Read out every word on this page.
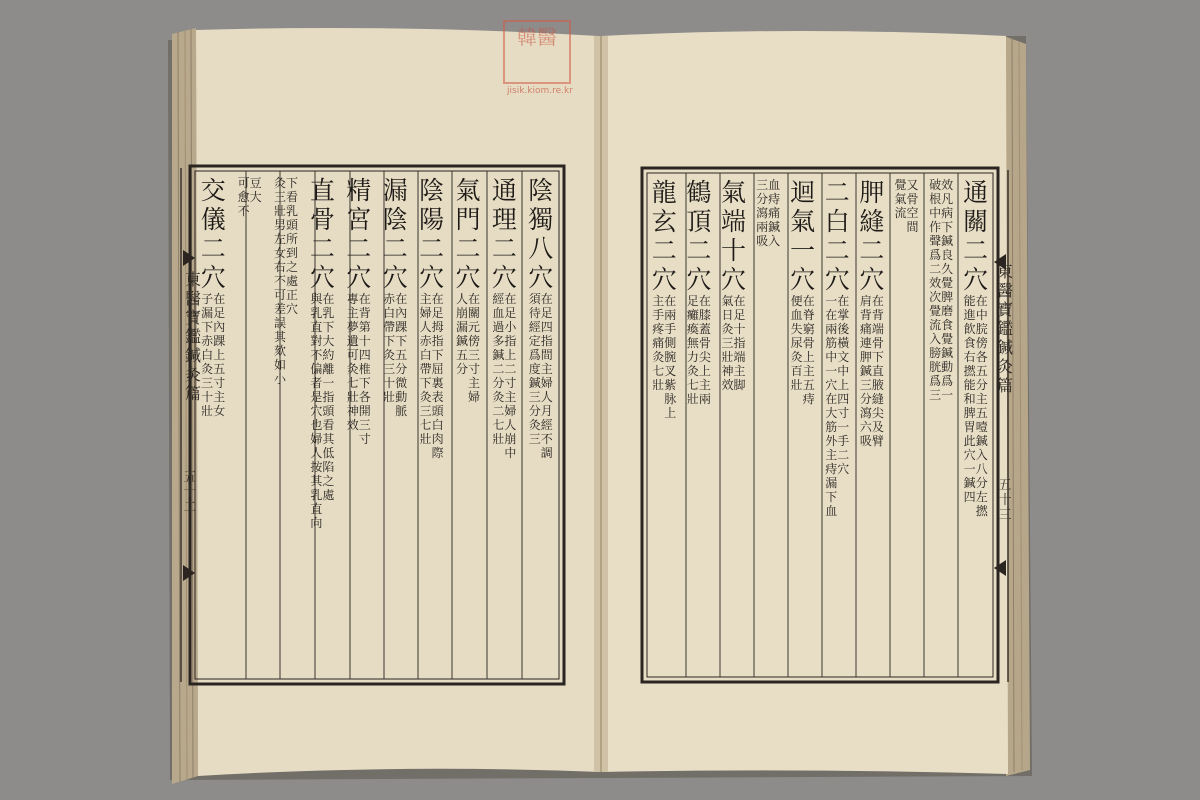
韓醫
jisik.kiom.re.kr
東
醫
寶
鑑
鍼
灸
篇
東
醫
寶
鑑
鍼
灸
篇
五
十
二
五
十
三
陰
獨
八
穴
在
足
四
指
間
主
婦
人
月
經
不
調
須
待
經
定
爲
度
鍼
三
分
灸
三
通
理
二
穴
在
足
小
指
上
二
寸
主
婦
人
崩
中
經
血
過
多
鍼
二
分
灸
二
七
壯
氣
門
二
穴
在
關
元
傍
三
寸
主
婦
人
崩
漏
鍼
五
分
陰
陽
二
穴
在
足
拇
指
下
屈
裏
表
頭
白
肉
際
主
婦
人
赤
白
帶
下
灸
三
七
壯
漏
陰
二
穴
在
內
踝
下
五
分
微
動
脈
赤
白
帶
下
灸
三
十
壯
精
宮
二
穴
在
背
第
十
四
椎
下
各
開
三
寸
專
主
夢
遺
可
灸
七
壯
神
效
直
骨
二
穴
在
乳
下
大
約
離
一
指
頭
看
其
低
陷
之
處
與
乳
直
對
不
偏
者
是
穴
也
婦
人
按
其
乳
直
向
下
看
乳
頭
所
到
之
處
正
穴
灸
三
壯
男
左
女
右
不
可
差
誤
其
欬
如
小
豆
大
可
愈
不
交
儀
二
穴
在
足
內
踝
上
五
寸
主
女
子
漏
下
赤
白
灸
三
十
壯
通
關
二
穴
在
中
脘
傍
各
五
分
主
五
噎
鍼
入
八
分
左
撚
能
進
飮
食
右
撚
能
和
脾
胃
此
穴
一
鍼
四
效
凡
病
下
鍼
良
久
覺
脾
磨
食
覺
鍼
動
爲
一
破
根
中
作
聲
爲
二
效
次
覺
流
入
膀
胱
爲
三
又
骨
空
間
覺
氣
流
胛
縫
二
穴
在
背
端
骨
下
直
腋
縫
尖
及
臂
肩
背
痛
連
胛
鍼
三
分
瀉
六
吸
二
白
二
穴
在
掌
後
橫
文
中
上
四
寸
一
手
二
穴
一
在
兩
筋
中
一
穴
在
大
筋
外
主
痔
漏
下
血
迴
氣
一
穴
在
脊
窮
骨
上
主
五
痔
便
血
失
尿
灸
百
壯
血
痔
痛
鍼
入
三
分
瀉
兩
吸
氣
端
十
穴
在
足
十
指
端
主
脚
氣
日
灸
三
壯
神
效
鶴
頂
二
穴
在
膝
蓋
骨
尖
上
主
兩
足
癱
瘓
無
力
灸
七
壯
龍
玄
二
穴
在
兩
手
側
腕
叉
紫
脉
上
主
手
疼
痛
灸
七
壯
